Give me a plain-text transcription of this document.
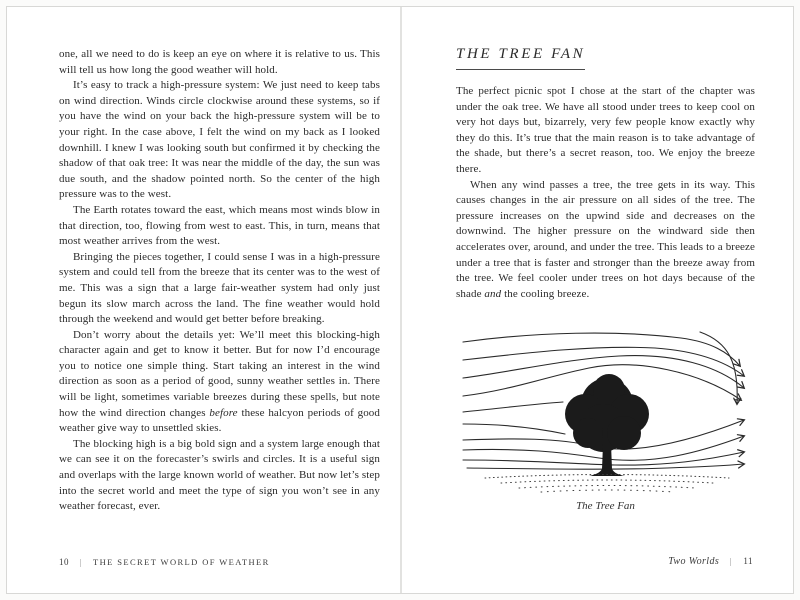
one, all we need to do is keep an eye on where it is relative to us. This will tell us how long the good weather will hold.

It’s easy to track a high-pressure system: We just need to keep tabs on wind direction. Winds circle clockwise around these systems, so if you have the wind on your back the high-pressure system will be to your right. In the case above, I felt the wind on my back as I looked downhill. I knew I was looking south but confirmed it by checking the shadow of that oak tree: It was near the middle of the day, the sun was due south, and the shadow pointed north. So the center of the high pressure was to the west.

The Earth rotates toward the east, which means most winds blow in that direction, too, flowing from west to east. This, in turn, means that most weather arrives from the west.

Bringing the pieces together, I could sense I was in a high-pressure system and could tell from the breeze that its center was to the west of me. This was a sign that a large fair-weather system had only just begun its slow march across the land. The fine weather would hold through the weekend and would get better before breaking.

Don’t worry about the details yet: We’ll meet this blocking-high character again and get to know it better. But for now I’d encourage you to notice one simple thing. Start taking an interest in the wind direction as soon as a period of good, sunny weather settles in. There will be light, sometimes variable breezes during these spells, but note how the wind direction changes before these halcyon periods of good weather give way to unsettled skies.

The blocking high is a big bold sign and a system large enough that we can see it on the forecaster’s swirls and circles. It is a useful sign and overlaps with the large known world of weather. But now let’s step into the secret world and meet the type of sign you won’t see in any weather forecast, ever.

10 | THE SECRET WORLD OF WEATHER
THE TREE FAN

The perfect picnic spot I chose at the start of the chapter was under the oak tree. We have all stood under trees to keep cool on very hot days but, bizarrely, very few people know exactly why they do this. It’s true that the main reason is to take advantage of the shade, but there’s a secret reason, too. We enjoy the breeze there.

When any wind passes a tree, the tree gets in its way. This causes changes in the air pressure on all sides of the tree. The pressure increases on the upwind side and decreases on the downwind. The higher pressure on the windward side then accelerates over, around, and under the tree. This leads to a breeze under a tree that is faster and stronger than the breeze away from the tree. We feel cooler under trees on hot days because of the shade and the cooling breeze.

The Tree Fan
Two Worlds | 11
